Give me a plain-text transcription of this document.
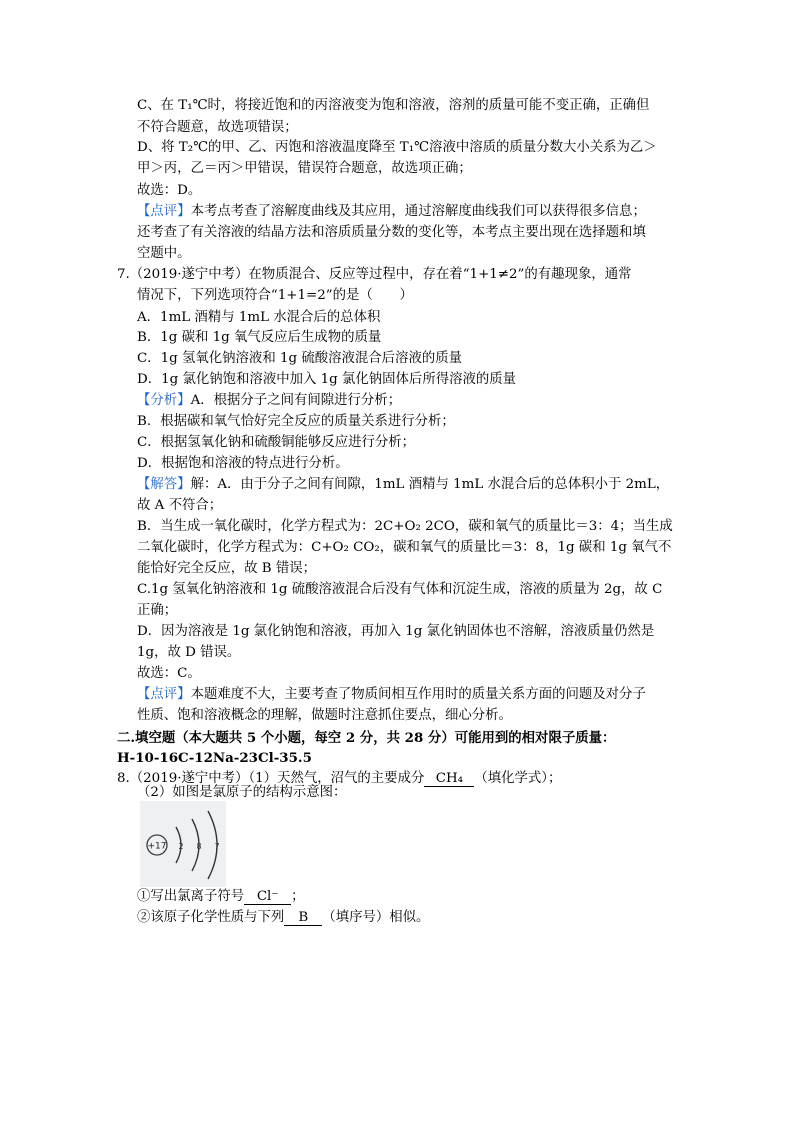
C、在 T₁℃时，将接近饱和的丙溶液变为饱和溶液，溶剂的质量可能不变正确，正确但
不符合题意，故选项错误；
D、将 T₂℃的甲、乙、丙饱和溶液温度降至 T₁℃溶液中溶质的质量分数大小关系为乙＞
甲＞丙，乙＝丙＞甲错误，错误符合题意，故选项正确；
故选：D。
【点评】本考点考查了溶解度曲线及其应用，通过溶解度曲线我们可以获得很多信息；
还考查了有关溶液的结晶方法和溶质质量分数的变化等，本考点主要出现在选择题和填
空题中。
7.（2019·遂宁中考）在物质混合、反应等过程中，存在着“1+1≠2”的有趣现象，通常
情况下，下列选项符合“1+1=2”的是（　　）
A．1mL 酒精与 1mL 水混合后的总体积
B．1g 碳和 1g 氧气反应后生成物的质量
C．1g 氢氧化钠溶液和 1g 硫酸溶液混合后溶液的质量
D．1g 氯化钠饱和溶液中加入 1g 氯化钠固体后所得溶液的质量
【分析】A．根据分子之间有间隙进行分析；
B．根据碳和氧气恰好完全反应的质量关系进行分析；
C．根据氢氧化钠和硫酸铜能够反应进行分析；
D．根据饱和溶液的特点进行分析。
【解答】解：A．由于分子之间有间隙，1mL 酒精与 1mL 水混合后的总体积小于 2mL，
故 A 不符合；
B．当生成一氧化碳时，化学方程式为：2C+O₂ 2CO，碳和氧气的质量比＝3：4；当生成
二氧化碳时，化学方程式为：C+O₂ CO₂，碳和氧气的质量比＝3：8，1g 碳和 1g 氧气不
能恰好完全反应，故 B 错误；
C.1g 氢氧化钠溶液和 1g 硫酸溶液混合后没有气体和沉淀生成，溶液的质量为 2g，故 C
正确；
D．因为溶液是 1g 氯化钠饱和溶液，再加入 1g 氯化钠固体也不溶解，溶液质量仍然是
1g，故 D 错误。
故选：C。
【点评】本题难度不大，主要考查了物质间相互作用时的质量关系方面的问题及对分子
性质、饱和溶液概念的理解，做题时注意抓住要点，细心分析。
二.填空题（本大题共 5 个小题，每空 2 分，共 28 分）可能用到的相对限子质量：
H-10-16C-12Na-23Cl-35.5
8.（2019·遂宁中考）（1）天然气，沼气的主要成分 CH₄ （填化学式）；
（2）如图是氯原子的结构示意图：
+17 2 8 7
①写出氯离子符号 Cl⁻ ；
②该原子化学性质与下列 B （填序号）相似。
